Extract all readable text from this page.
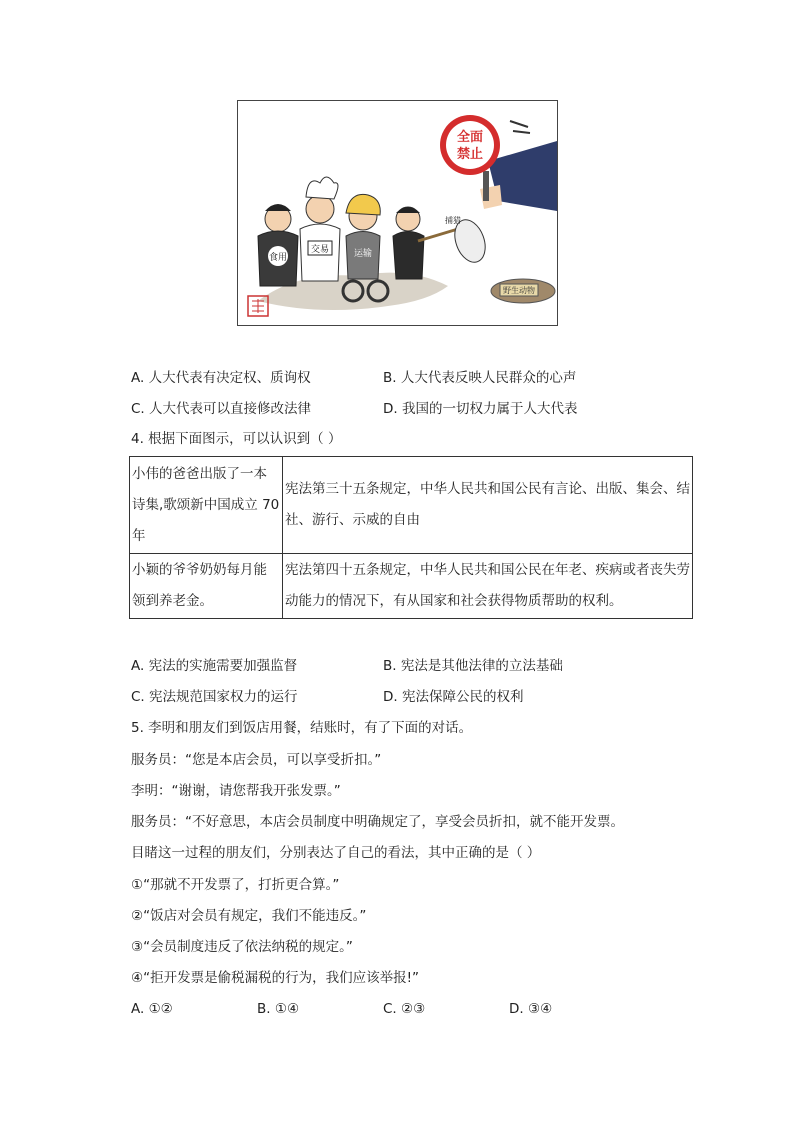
全面
禁止
食用
交易	运输
捕猎
野生动物
A. 人大代表有决定权、质询权	B. 人大代表反映人民群众的心声
C. 人大代表可以直接修改法律	D. 我国的一切权力属于人大代表
4. 根据下面图示，可以认识到（ ）
小伟的爸爸出版了一本诗集,歌颂新中国成立 70年	宪法第三十五条规定，中华人民共和国公民有言论、出版、集会、结社、游行、示威的自由
小颖的爷爷奶奶每月能领到养老金。	宪法第四十五条规定，中华人民共和国公民在年老、疾病或者丧失劳动能力的情况下，有从国家和社会获得物质帮助的权利。
A. 宪法的实施需要加强监督	B. 宪法是其他法律的立法基础
C. 宪法规范国家权力的运行	D. 宪法保障公民的权利
5. 李明和朋友们到饭店用餐，结账时，有了下面的对话。
服务员：“您是本店会员，可以享受折扣。”
李明：“谢谢，请您帮我开张发票。”
服务员：“不好意思，本店会员制度中明确规定了，享受会员折扣，就不能开发票。
目睹这一过程的朋友们，分别表达了自己的看法，其中正确的是（ ）
①“那就不开发票了，打折更合算。”
②“饭店对会员有规定，我们不能违反。”
③“会员制度违反了依法纳税的规定。”
④“拒开发票是偷税漏税的行为，我们应该举报!”
A. ①②	B. ①④	C. ②③	D. ③④
